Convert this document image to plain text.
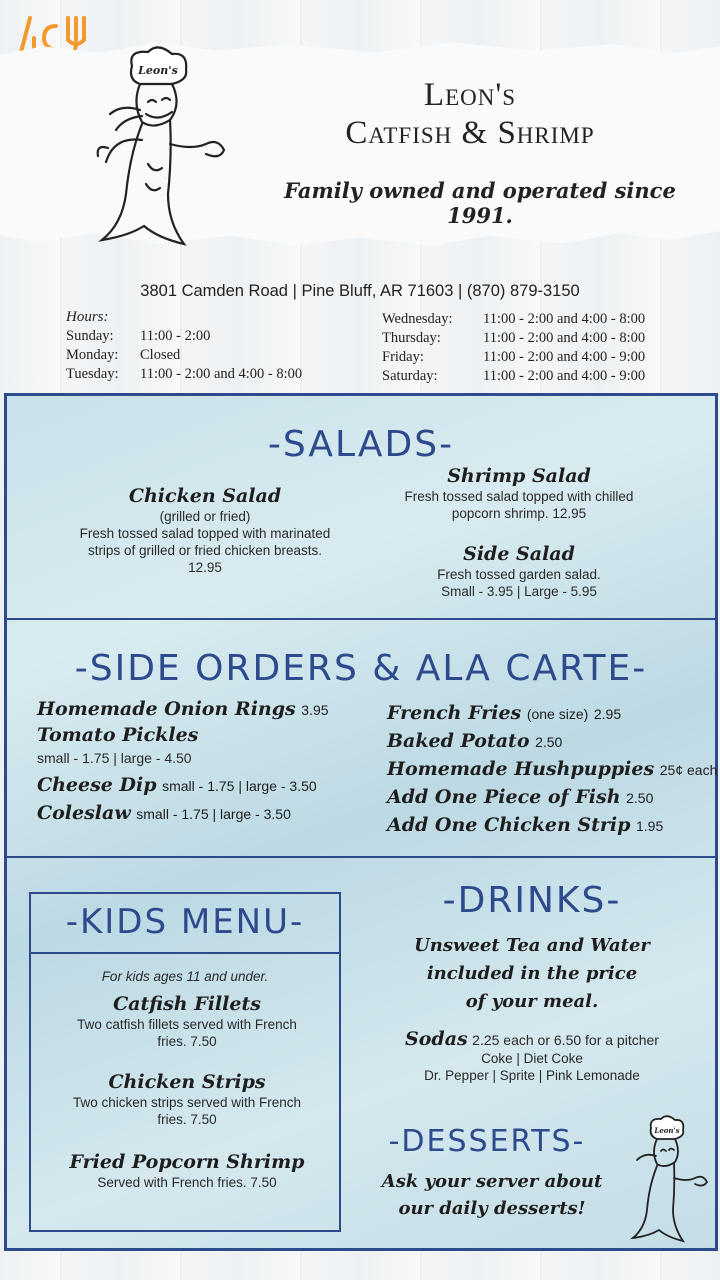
Leon's
Leon's
Catfish & Shrimp
Family owned and operated since 1991.
3801 Camden Road | Pine Bluff, AR 71603 | (870) 879-3150
Hours:
Sunday:	11:00 - 2:00
Monday:	Closed
Tuesday:	11:00 - 2:00 and 4:00 - 8:00
Wednesday:	11:00 - 2:00 and 4:00 - 8:00
Thursday:	11:00 - 2:00 and 4:00 - 8:00
Friday:	11:00 - 2:00 and 4:00 - 9:00
Saturday:	11:00 - 2:00 and 4:00 - 9:00
-SALADS-
Chicken Salad
(grilled or fried)
Fresh tossed salad topped with marinated strips of grilled or fried chicken breasts. 12.95
Shrimp Salad
Fresh tossed salad topped with chilled popcorn shrimp. 12.95
Side Salad
Fresh tossed garden salad.
Small - 3.95 | Large - 5.95
-SIDE ORDERS & ALA CARTE-
Homemade Onion Rings 3.95
Tomato Pickles
small - 1.75 | large - 4.50
Cheese Dip small - 1.75 | large - 3.50
Coleslaw small - 1.75 | large - 3.50
French Fries (one size) 2.95
Baked Potato 2.50
Homemade Hushpuppies 25¢ each
Add One Piece of Fish 2.50
Add One Chicken Strip 1.95
-KIDS MENU-
For kids ages 11 and under.
Catfish Fillets
Two catfish fillets served with French fries. 7.50
Chicken Strips
Two chicken strips served with French fries. 7.50
Fried Popcorn Shrimp
Served with French fries. 7.50
-DRINKS-
Unsweet Tea and Water
included in the price
of your meal.
Sodas 2.25 each or 6.50 for a pitcher
Coke | Diet Coke
Dr. Pepper | Sprite | Pink Lemonade
-DESSERTS-
Ask your server about
our daily desserts!
Leon's
